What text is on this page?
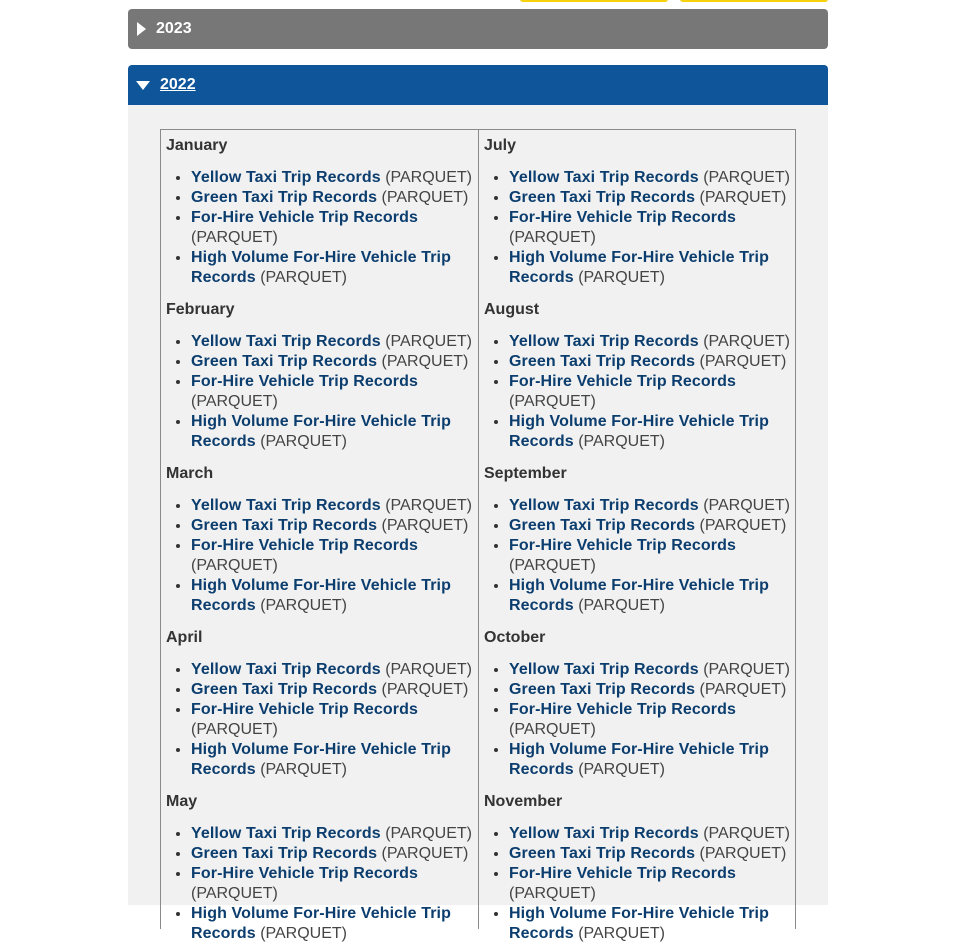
2023
2022
January
• Yellow Taxi Trip Records (PARQUET)
• Green Taxi Trip Records (PARQUET)
• For-Hire Vehicle Trip Records (PARQUET)
• High Volume For-Hire Vehicle Trip Records (PARQUET)
February
• Yellow Taxi Trip Records (PARQUET)
• Green Taxi Trip Records (PARQUET)
• For-Hire Vehicle Trip Records (PARQUET)
• High Volume For-Hire Vehicle Trip Records (PARQUET)
March
• Yellow Taxi Trip Records (PARQUET)
• Green Taxi Trip Records (PARQUET)
• For-Hire Vehicle Trip Records (PARQUET)
• High Volume For-Hire Vehicle Trip Records (PARQUET)
April
• Yellow Taxi Trip Records (PARQUET)
• Green Taxi Trip Records (PARQUET)
• For-Hire Vehicle Trip Records (PARQUET)
• High Volume For-Hire Vehicle Trip Records (PARQUET)
May
• Yellow Taxi Trip Records (PARQUET)
• Green Taxi Trip Records (PARQUET)
• For-Hire Vehicle Trip Records (PARQUET)
• High Volume For-Hire Vehicle Trip Records (PARQUET)
July
• Yellow Taxi Trip Records (PARQUET)
• Green Taxi Trip Records (PARQUET)
• For-Hire Vehicle Trip Records (PARQUET)
• High Volume For-Hire Vehicle Trip Records (PARQUET)
August
• Yellow Taxi Trip Records (PARQUET)
• Green Taxi Trip Records (PARQUET)
• For-Hire Vehicle Trip Records (PARQUET)
• High Volume For-Hire Vehicle Trip Records (PARQUET)
September
• Yellow Taxi Trip Records (PARQUET)
• Green Taxi Trip Records (PARQUET)
• For-Hire Vehicle Trip Records (PARQUET)
• High Volume For-Hire Vehicle Trip Records (PARQUET)
October
• Yellow Taxi Trip Records (PARQUET)
• Green Taxi Trip Records (PARQUET)
• For-Hire Vehicle Trip Records (PARQUET)
• High Volume For-Hire Vehicle Trip Records (PARQUET)
November
• Yellow Taxi Trip Records (PARQUET)
• Green Taxi Trip Records (PARQUET)
• For-Hire Vehicle Trip Records (PARQUET)
• High Volume For-Hire Vehicle Trip Records (PARQUET)
